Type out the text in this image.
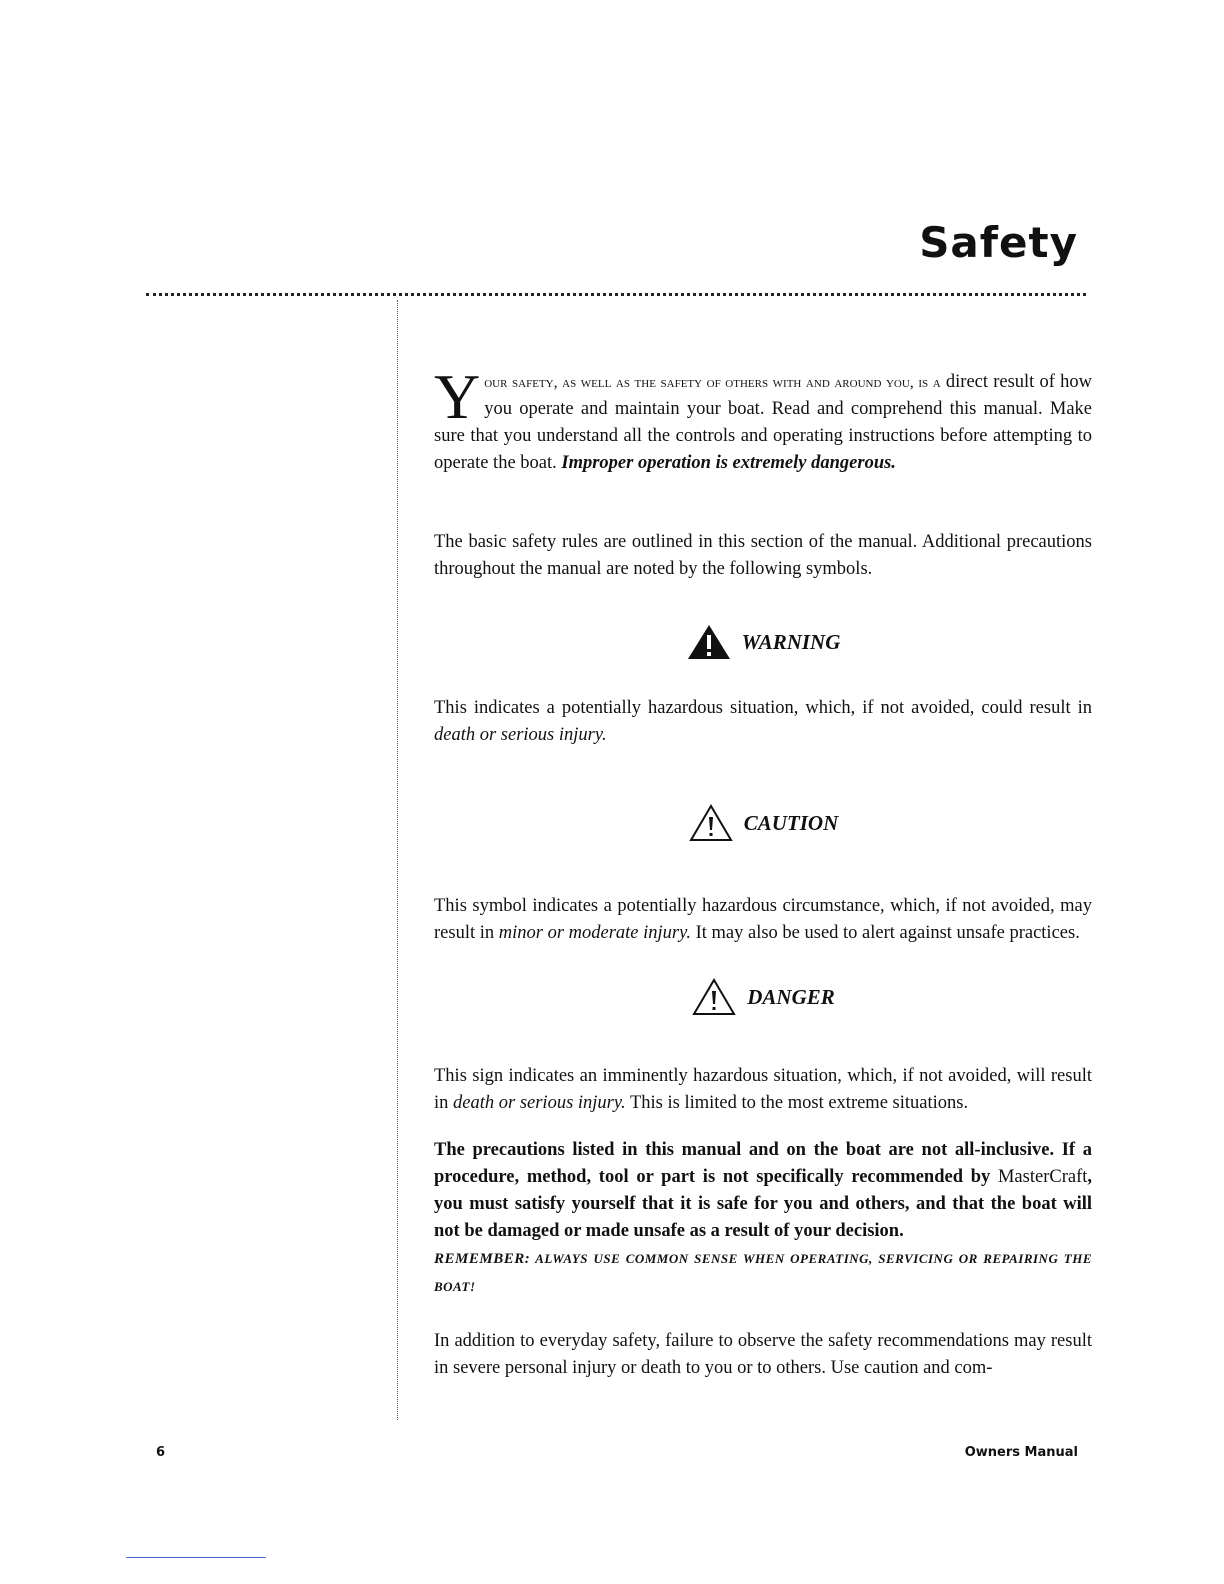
Safety

Your safety, as well as the safety of others with and around you, is a direct result of how you operate and maintain your boat. Read and comprehend this manual. Make sure that you understand all the controls and operating instructions before attempting to operate the boat. Improper operation is extremely dangerous.

The basic safety rules are outlined in this section of the manual. Additional precautions throughout the manual are noted by the following symbols.

WARNING

This indicates a potentially hazardous situation, which, if not avoided, could result in death or serious injury.

CAUTION

This symbol indicates a potentially hazardous circumstance, which, if not avoided, may result in minor or moderate injury. It may also be used to alert against unsafe practices.

DANGER

This sign indicates an imminently hazardous situation, which, if not avoided, will result in death or serious injury. This is limited to the most extreme situations.

The precautions listed in this manual and on the boat are not all-inclusive. If a procedure, method, tool or part is not specifically recommended by MasterCraft, you must satisfy yourself that it is safe for you and others, and that the boat will not be damaged or made unsafe as a result of your decision.

REMEMBER: ALWAYS USE COMMON SENSE WHEN OPERATING, SERVICING OR REPAIRING THE BOAT!

In addition to everyday safety, failure to observe the safety recommendations may result in severe personal injury or death to you or to others. Use caution and com-

6	Owners Manual
